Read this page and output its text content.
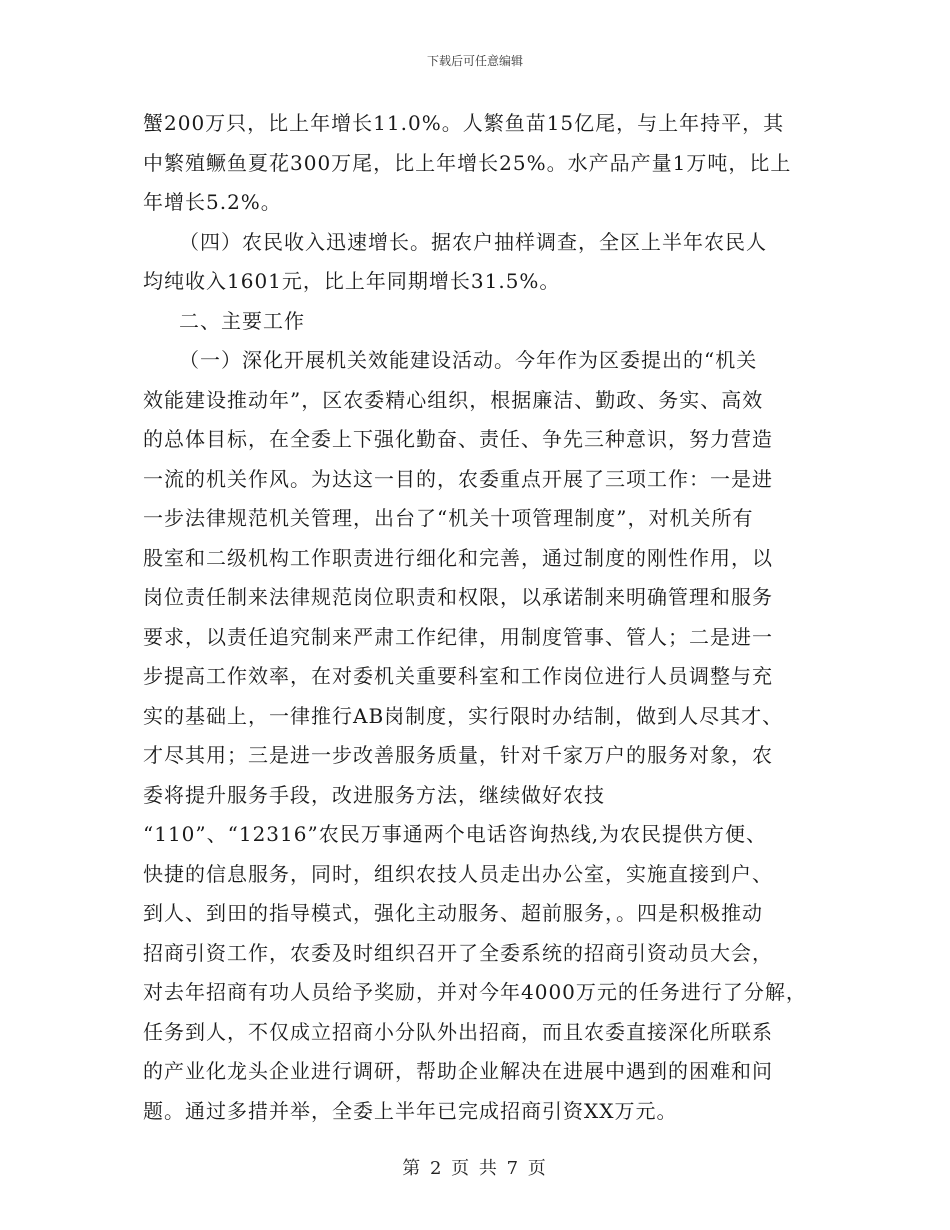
下载后可任意编辑
蟹200万只，比上年增长11.0%。人繁鱼苗15亿尾，与上年持平，其
中繁殖鳜鱼夏花300万尾，比上年增长25%。水产品产量1万吨，比上
年增长5.2%。
（四）农民收入迅速增长。据农户抽样调查，全区上半年农民人
均纯收入1601元，比上年同期增长31.5%。
二、主要工作
（一）深化开展机关效能建设活动。今年作为区委提出的“机关
效能建设推动年”，区农委精心组织，根据廉洁、勤政、务实、高效
的总体目标，在全委上下强化勤奋、责任、争先三种意识，努力营造
一流的机关作风。为达这一目的，农委重点开展了三项工作：一是进
一步法律规范机关管理，出台了“机关十项管理制度”，对机关所有
股室和二级机构工作职责进行细化和完善，通过制度的刚性作用，以
岗位责任制来法律规范岗位职责和权限，以承诺制来明确管理和服务
要求，以责任追究制来严肃工作纪律，用制度管事、管人；二是进一
步提高工作效率，在对委机关重要科室和工作岗位进行人员调整与充
实的基础上，一律推行AB岗制度，实行限时办结制，做到人尽其才、
才尽其用；三是进一步改善服务质量，针对千家万户的服务对象，农
委将提升服务手段，改进服务方法，继续做好农技
“110”、“12316”农民万事通两个电话咨询热线,为农民提供方便、
快捷的信息服务，同时，组织农技人员走出办公室，实施直接到户、
到人、到田的指导模式，强化主动服务、超前服务，。四是积极推动
招商引资工作，农委及时组织召开了全委系统的招商引资动员大会，
对去年招商有功人员给予奖励，并对今年4000万元的任务进行了分解，
任务到人，不仅成立招商小分队外出招商，而且农委直接深化所联系
的产业化龙头企业进行调研，帮助企业解决在进展中遇到的困难和问
题。通过多措并举，全委上半年已完成招商引资XX万元。
第 2 页 共 7 页
